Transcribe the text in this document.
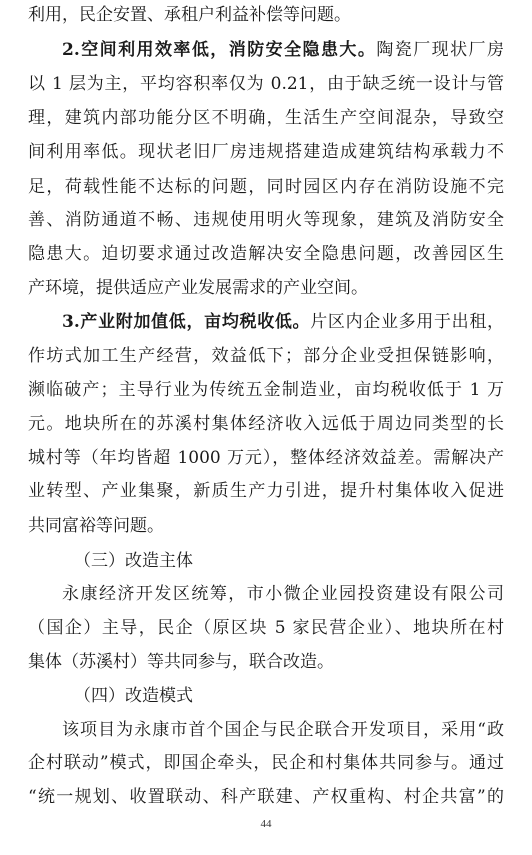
利用，民企安置、承租户利益补偿等问题。
2.空间利用效率低，消防安全隐患大。陶瓷厂现状厂房
以 1 层为主，平均容积率仅为 0.21，由于缺乏统一设计与管
理，建筑内部功能分区不明确，生活生产空间混杂，导致空
间利用率低。现状老旧厂房违规搭建造成建筑结构承载力不
足，荷载性能不达标的问题，同时园区内存在消防设施不完
善、消防通道不畅、违规使用明火等现象，建筑及消防安全
隐患大。迫切要求通过改造解决安全隐患问题，改善园区生
产环境，提供适应产业发展需求的产业空间。
3.产业附加值低，亩均税收低。片区内企业多用于出租，
作坊式加工生产经营，效益低下；部分企业受担保链影响，
濒临破产；主导行业为传统五金制造业，亩均税收低于 1 万
元。地块所在的苏溪村集体经济收入远低于周边同类型的长
城村等（年均皆超 1000 万元），整体经济效益差。需解决产
业转型、产业集聚，新质生产力引进，提升村集体收入促进
共同富裕等问题。
（三）改造主体
永康经济开发区统筹，市小微企业园投资建设有限公司
（国企）主导，民企（原区块 5 家民营企业）、地块所在村
集体（苏溪村）等共同参与，联合改造。
（四）改造模式
该项目为永康市首个国企与民企联合开发项目，采用“政
企村联动”模式，即国企牵头，民企和村集体共同参与。通过
“统一规划、收置联动、科产联建、产权重构、村企共富”的
44
